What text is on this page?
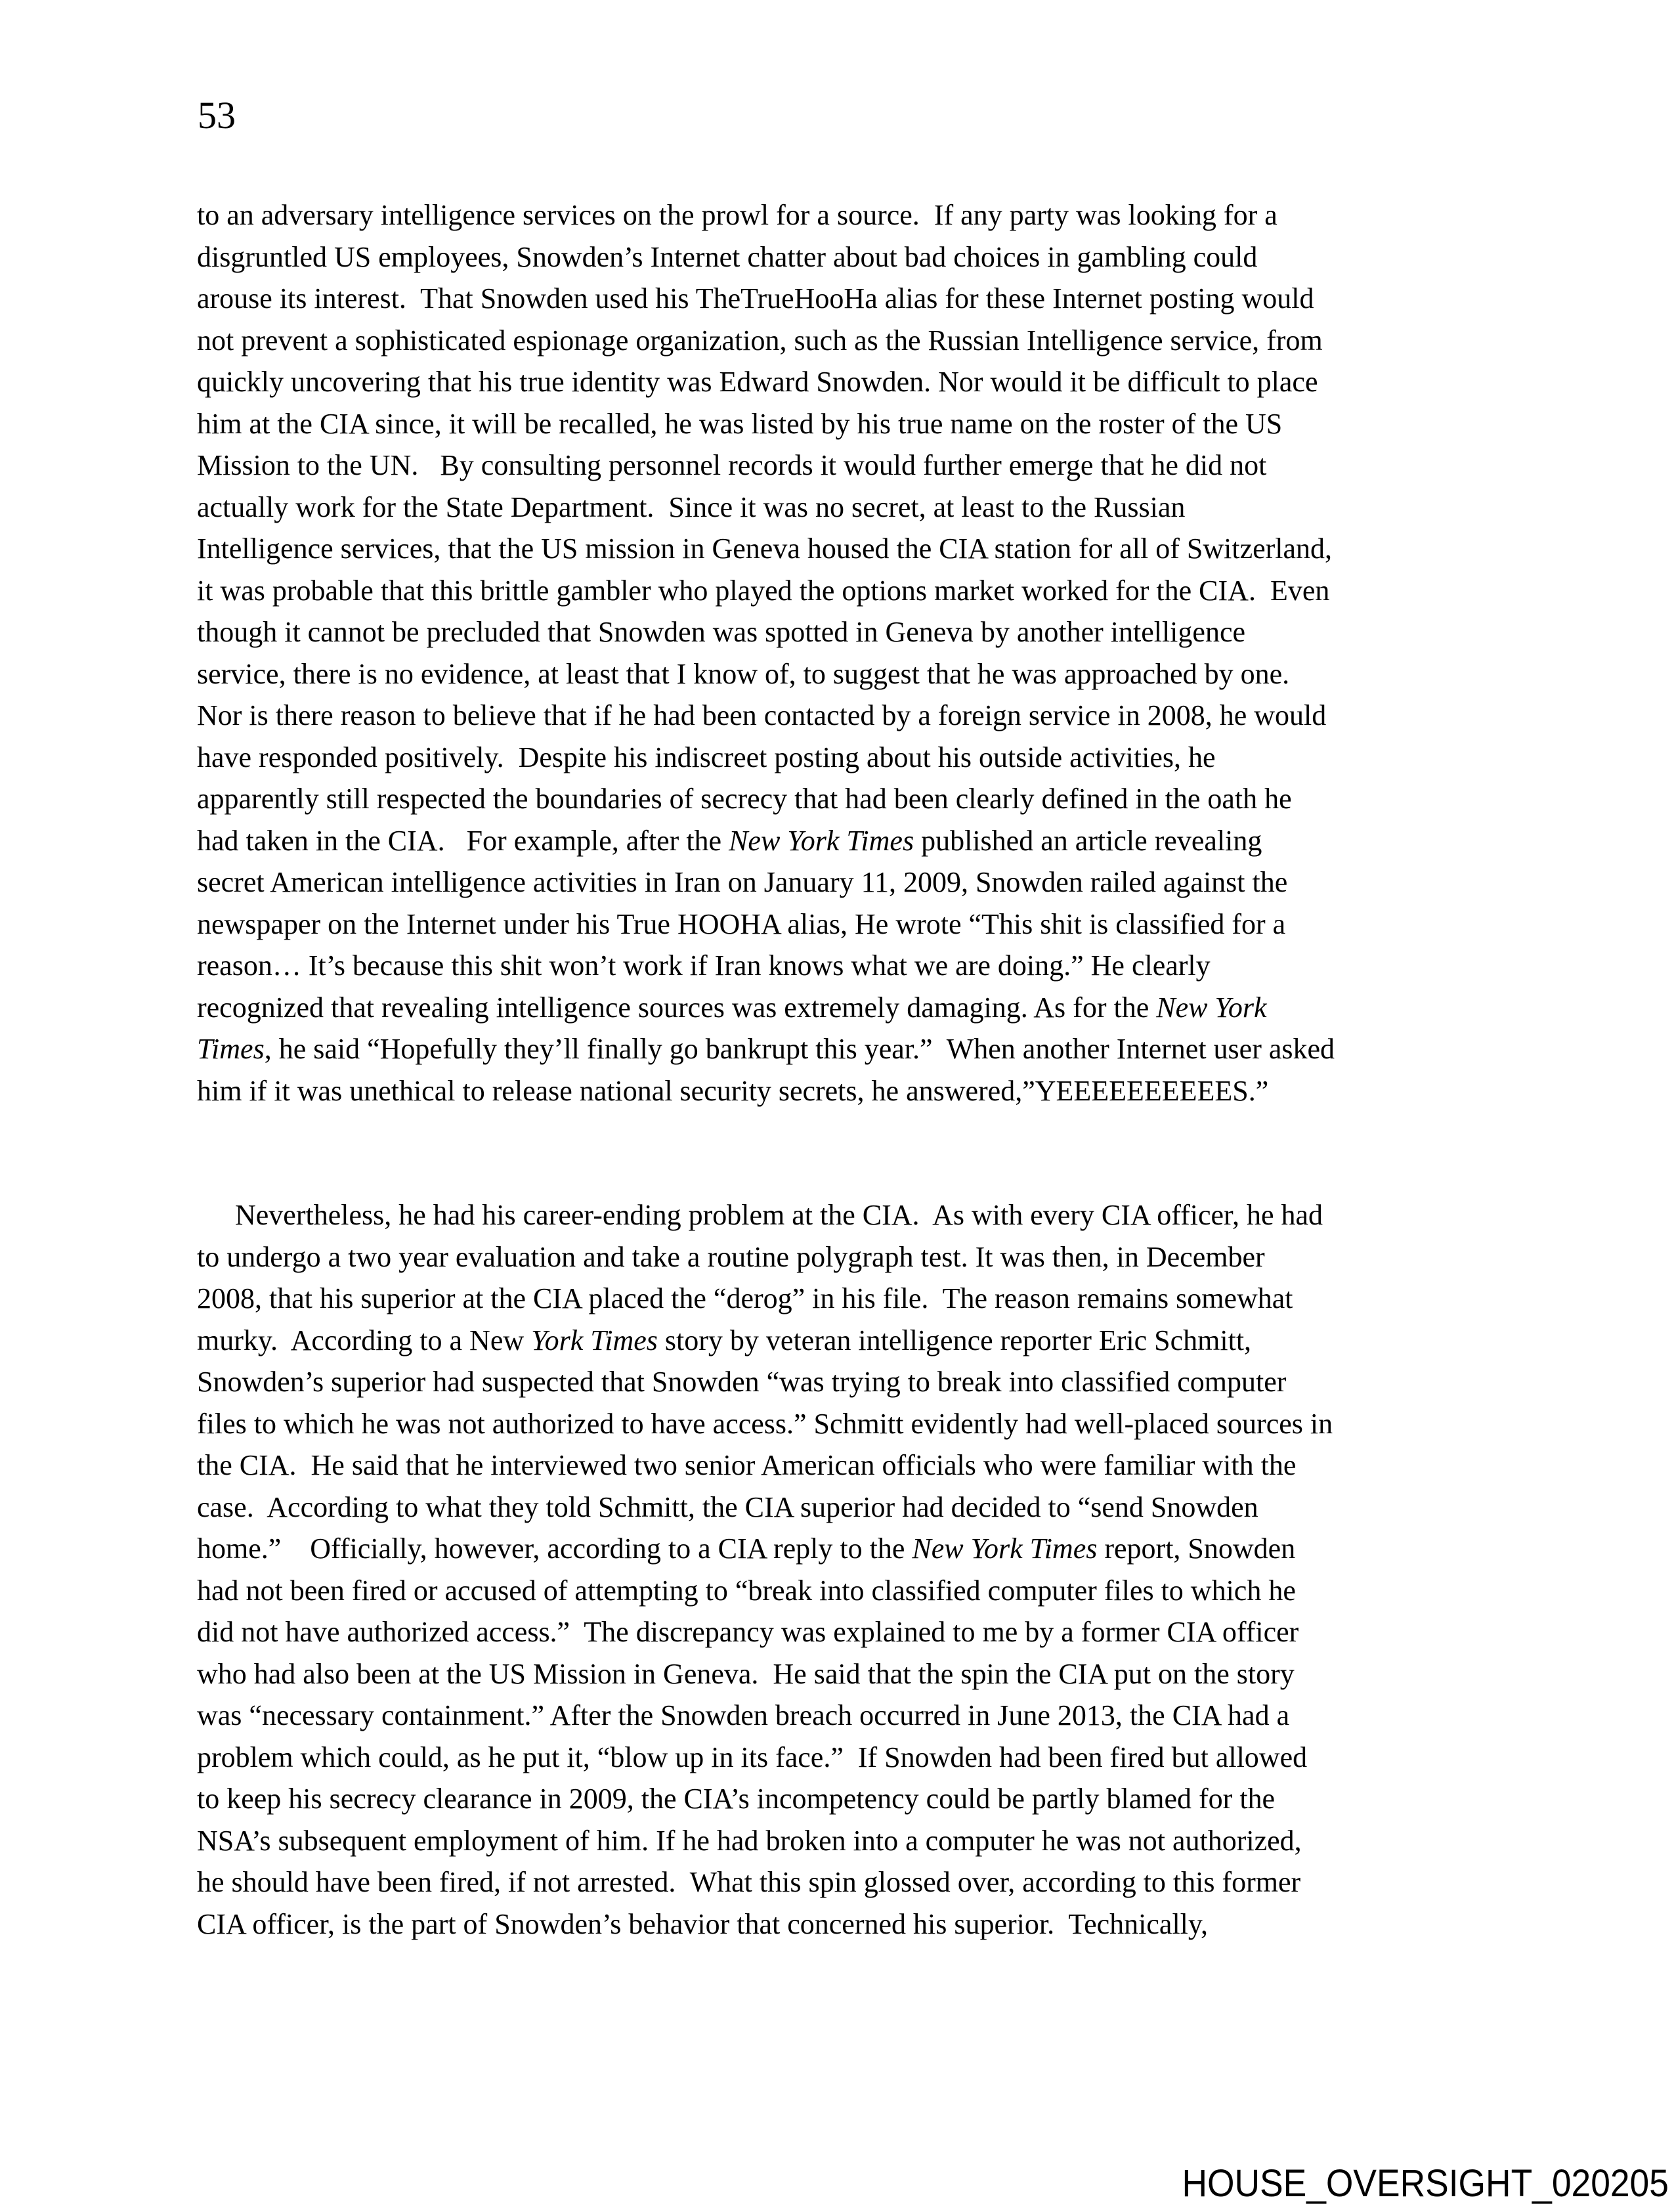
53
to an adversary intelligence services on the prowl for a source.  If any party was looking for a
disgruntled US employees, Snowden’s Internet chatter about bad choices in gambling could
arouse its interest.  That Snowden used his TheTrueHooHa alias for these Internet posting would
not prevent a sophisticated espionage organization, such as the Russian Intelligence service, from
quickly uncovering that his true identity was Edward Snowden. Nor would it be difficult to place
him at the CIA since, it will be recalled, he was listed by his true name on the roster of the US
Mission to the UN.   By consulting personnel records it would further emerge that he did not
actually work for the State Department.  Since it was no secret, at least to the Russian
Intelligence services, that the US mission in Geneva housed the CIA station for all of Switzerland,
it was probable that this brittle gambler who played the options market worked for the CIA.  Even
though it cannot be precluded that Snowden was spotted in Geneva by another intelligence
service, there is no evidence, at least that I know of, to suggest that he was approached by one.
Nor is there reason to believe that if he had been contacted by a foreign service in 2008, he would
have responded positively.  Despite his indiscreet posting about his outside activities, he
apparently still respected the boundaries of secrecy that had been clearly defined in the oath he
had taken in the CIA.   For example, after the New York Times published an article revealing
secret American intelligence activities in Iran on January 11, 2009, Snowden railed against the
newspaper on the Internet under his True HOOHA alias, He wrote “This shit is classified for a
reason… It’s because this shit won’t work if Iran knows what we are doing.” He clearly
recognized that revealing intelligence sources was extremely damaging. As for the New York
Times, he said “Hopefully they’ll finally go bankrupt this year.”  When another Internet user asked
him if it was unethical to release national security secrets, he answered,”YEEEEEEEEEES.”
Nevertheless, he had his career-ending problem at the CIA.  As with every CIA officer, he had
to undergo a two year evaluation and take a routine polygraph test. It was then, in December
2008, that his superior at the CIA placed the “derog” in his file.  The reason remains somewhat
murky.  According to a New York Times story by veteran intelligence reporter Eric Schmitt,
Snowden’s superior had suspected that Snowden “was trying to break into classified computer
files to which he was not authorized to have access.” Schmitt evidently had well-placed sources in
the CIA.  He said that he interviewed two senior American officials who were familiar with the
case.  According to what they told Schmitt, the CIA superior had decided to “send Snowden
home.”    Officially, however, according to a CIA reply to the New York Times report, Snowden
had not been fired or accused of attempting to “break into classified computer files to which he
did not have authorized access.”  The discrepancy was explained to me by a former CIA officer
who had also been at the US Mission in Geneva.  He said that the spin the CIA put on the story
was “necessary containment.” After the Snowden breach occurred in June 2013, the CIA had a
problem which could, as he put it, “blow up in its face.”  If Snowden had been fired but allowed
to keep his secrecy clearance in 2009, the CIA’s incompetency could be partly blamed for the
NSA’s subsequent employment of him. If he had broken into a computer he was not authorized,
he should have been fired, if not arrested.  What this spin glossed over, according to this former
CIA officer, is the part of Snowden’s behavior that concerned his superior.  Technically,
HOUSE_OVERSIGHT_020205
